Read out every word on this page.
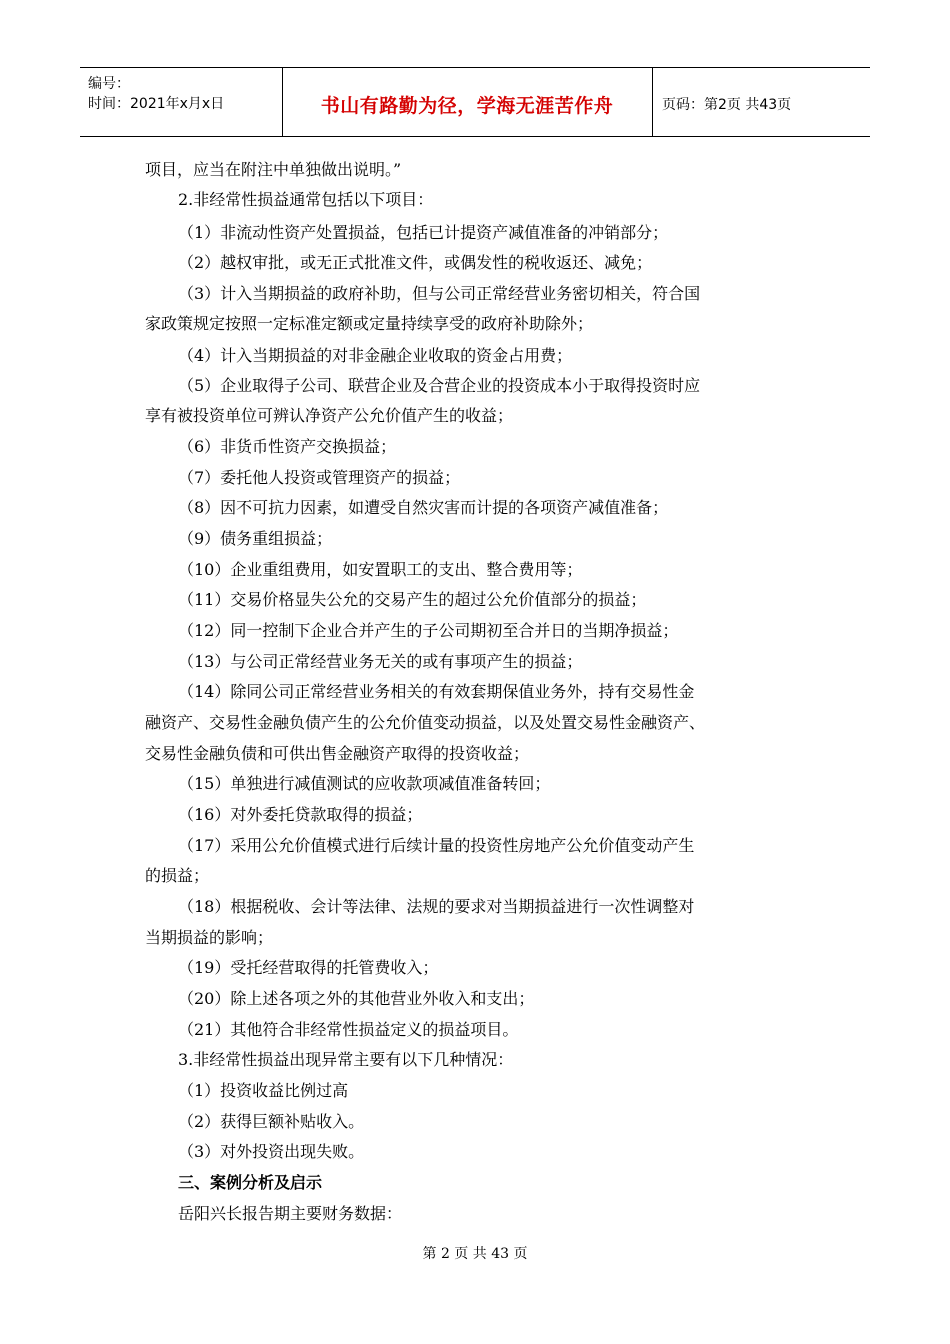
编号：
时间：2021年x月x日	书山有路勤为径，学海无涯苦作舟	页码：第2页 共43页
项目，应当在附注中单独做出说明。”
2.非经常性损益通常包括以下项目：
（1）非流动性资产处置损益，包括已计提资产减值准备的冲销部分；
（2）越权审批，或无正式批准文件，或偶发性的税收返还、减免；
（3）计入当期损益的政府补助，但与公司正常经营业务密切相关，符合国
家政策规定按照一定标准定额或定量持续享受的政府补助除外；
（4）计入当期损益的对非金融企业收取的资金占用费；
（5）企业取得子公司、联营企业及合营企业的投资成本小于取得投资时应
享有被投资单位可辨认净资产公允价值产生的收益；
（6）非货币性资产交换损益；
（7）委托他人投资或管理资产的损益；
（8）因不可抗力因素，如遭受自然灾害而计提的各项资产减值准备；
（9）债务重组损益；
（10）企业重组费用，如安置职工的支出、整合费用等；
（11）交易价格显失公允的交易产生的超过公允价值部分的损益；
（12）同一控制下企业合并产生的子公司期初至合并日的当期净损益；
（13）与公司正常经营业务无关的或有事项产生的损益；
（14）除同公司正常经营业务相关的有效套期保值业务外，持有交易性金
融资产、交易性金融负债产生的公允价值变动损益，以及处置交易性金融资产、
交易性金融负债和可供出售金融资产取得的投资收益；
（15）单独进行减值测试的应收款项减值准备转回；
（16）对外委托贷款取得的损益；
（17）采用公允价值模式进行后续计量的投资性房地产公允价值变动产生
的损益；
（18）根据税收、会计等法律、法规的要求对当期损益进行一次性调整对
当期损益的影响；
（19）受托经营取得的托管费收入；
（20）除上述各项之外的其他营业外收入和支出；
（21）其他符合非经常性损益定义的损益项目。
3.非经常性损益出现异常主要有以下几种情况：
（1）投资收益比例过高
（2）获得巨额补贴收入。
（3）对外投资出现失败。
三、案例分析及启示
岳阳兴长报告期主要财务数据：
第 2 页 共 43 页
